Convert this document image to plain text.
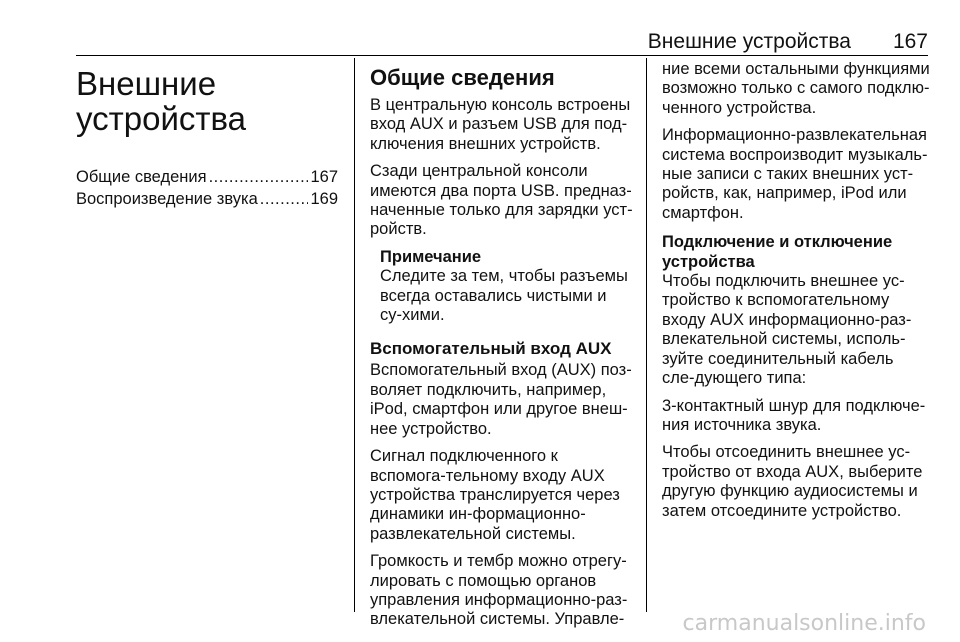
Внешние устройства 167
Внешние
устройства
Общие сведения .....	167
Воспроизведение звука .....	169
Общие сведения

В центральную консоль встроены вход AUX и разъем USB для под-ключения внешних устройств.

Сзади центральной консоли имеются два порта USB. предназ-наченные только для зарядки уст-ройств.

Примечание
Следите за тем, чтобы разъемы всегда оставались чистыми и су-хими.
Вспомогательный вход AUX

Вспомогательный вход (AUX) поз-воляет подключить, например, iPod, смартфон или другое внеш-нее устройство.

Сигнал подключенного к вспомога-тельному входу AUX устройства транслируется через динамики ин-формационно-развлекательной системы.

Громкость и тембр можно отрегу-лировать с помощью органов управления информационно-раз-влекательной системы. Управле-

ние всеми остальными функциями возможно только с самого подклю-ченного устройства.

Информационно-развлекательная система воспроизводит музыкаль-ные записи с таких внешних уст-ройств, как, например, iPod или смартфон.

Подключение и отключение устройства

Чтобы подключить внешнее ус-тройство к вспомогательному входу AUX информационно-раз-влекательной системы, исполь-зуйте соединительный кабель сле-дующего типа:

3-контактный шнур для подключе-ния источника звука.

Чтобы отсоединить внешнее ус-тройство от входа AUX, выберите другую функцию аудиосистемы и затем отсоедините устройство.

carmanualsonline.info
